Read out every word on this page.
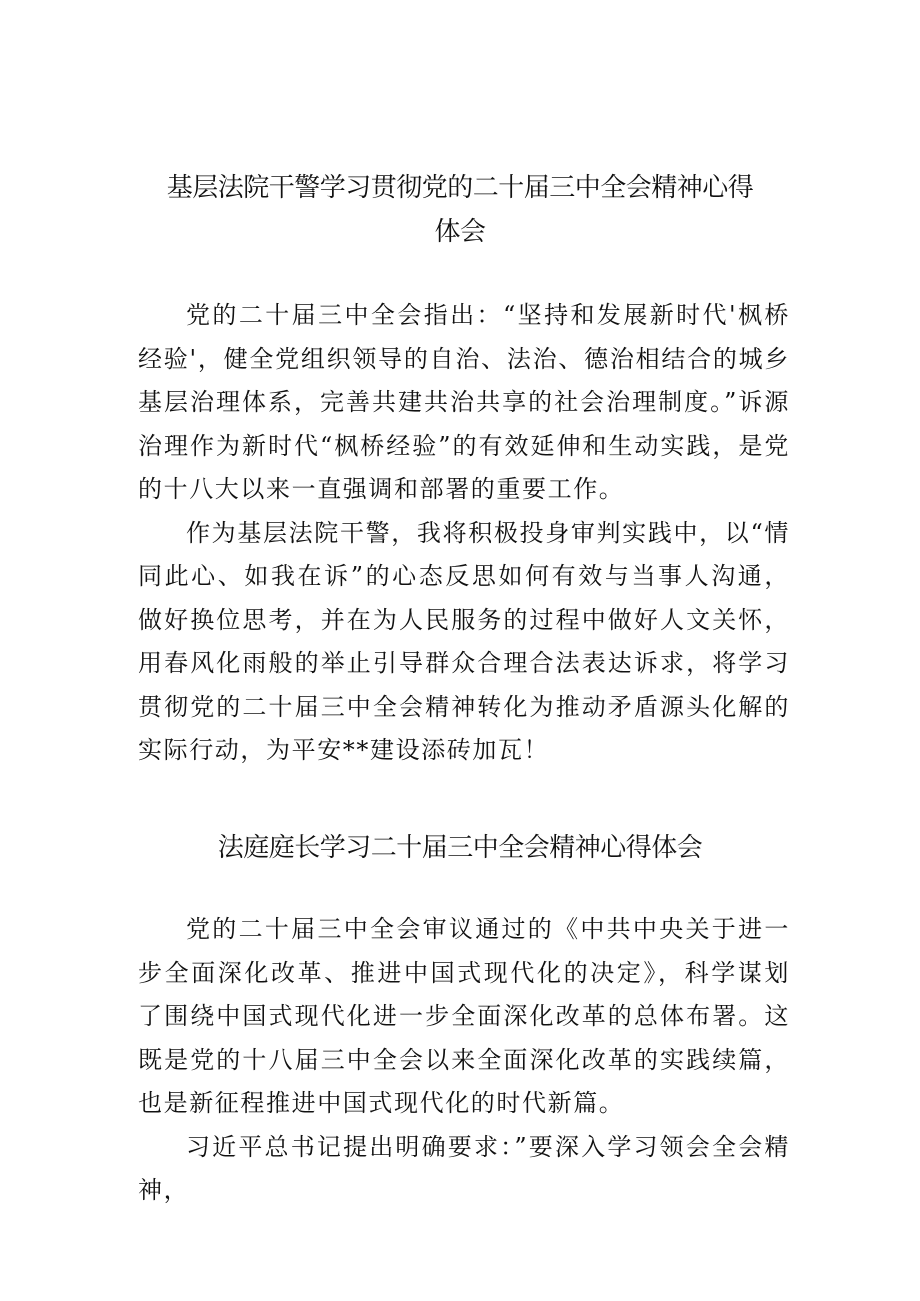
基层法院干警学习贯彻党的二十届三中全会精神心得
体会

党的二十届三中全会指出：“坚持和发展新时代'枫桥经验'，健全党组织领导的自治、法治、德治相结合的城乡基层治理体系，完善共建共治共享的社会治理制度。”诉源治理作为新时代“枫桥经验”的有效延伸和生动实践，是党的十八大以来一直强调和部署的重要工作。

作为基层法院干警，我将积极投身审判实践中，以“情同此心、如我在诉”的心态反思如何有效与当事人沟通，做好换位思考，并在为人民服务的过程中做好人文关怀，用春风化雨般的举止引导群众合理合法表达诉求，将学习贯彻党的二十届三中全会精神转化为推动矛盾源头化解的实际行动，为平安**建设添砖加瓦！

法庭庭长学习二十届三中全会精神心得体会

党的二十届三中全会审议通过的《中共中央关于进一步全面深化改革、推进中国式现代化的决定》，科学谋划了围绕中国式现代化进一步全面深化改革的总体布署。这既是党的十八届三中全会以来全面深化改革的实践续篇，也是新征程推进中国式现代化的时代新篇。

习近平总书记提出明确要求：”要深入学习领会全会精神，
